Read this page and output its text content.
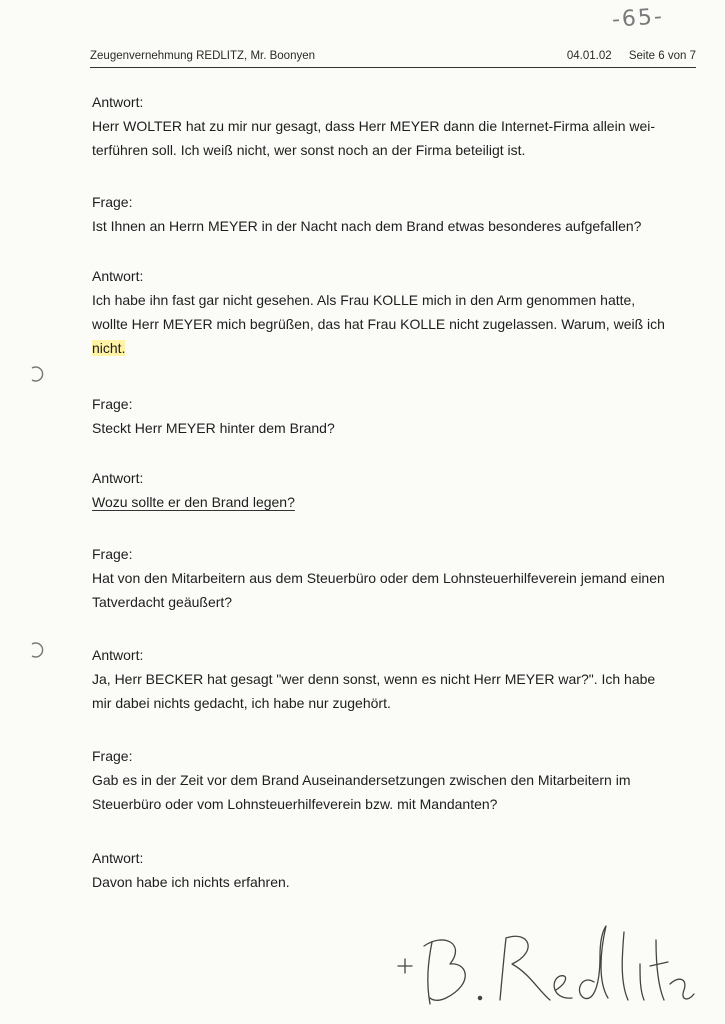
-65-
Zeugenvernehmung REDLITZ, Mr. Boonyen	04.01.02 Seite 6 von 7
Antwort:
Herr WOLTER hat zu mir nur gesagt, dass Herr MEYER dann die Internet-Firma allein wei-
terführen soll. Ich weiß nicht, wer sonst noch an der Firma beteiligt ist.
Frage:
Ist Ihnen an Herrn MEYER in der Nacht nach dem Brand etwas besonderes aufgefallen?
Antwort:
Ich habe ihn fast gar nicht gesehen. Als Frau KOLLE mich in den Arm genommen hatte,
wollte Herr MEYER mich begrüßen, das hat Frau KOLLE nicht zugelassen. Warum, weiß ich
nicht.
Frage:
Steckt Herr MEYER hinter dem Brand?
Antwort:
Wozu sollte er den Brand legen?
Frage:
Hat von den Mitarbeitern aus dem Steuerbüro oder dem Lohnsteuerhilfeverein jemand einen
Tatverdacht geäußert?
Antwort:
Ja, Herr BECKER hat gesagt "wer denn sonst, wenn es nicht Herr MEYER war?". Ich habe
mir dabei nichts gedacht, ich habe nur zugehört.
Frage:
Gab es in der Zeit vor dem Brand Auseinandersetzungen zwischen den Mitarbeitern im
Steuerbüro oder vom Lohnsteuerhilfeverein bzw. mit Mandanten?
Antwort:
Davon habe ich nichts erfahren.
